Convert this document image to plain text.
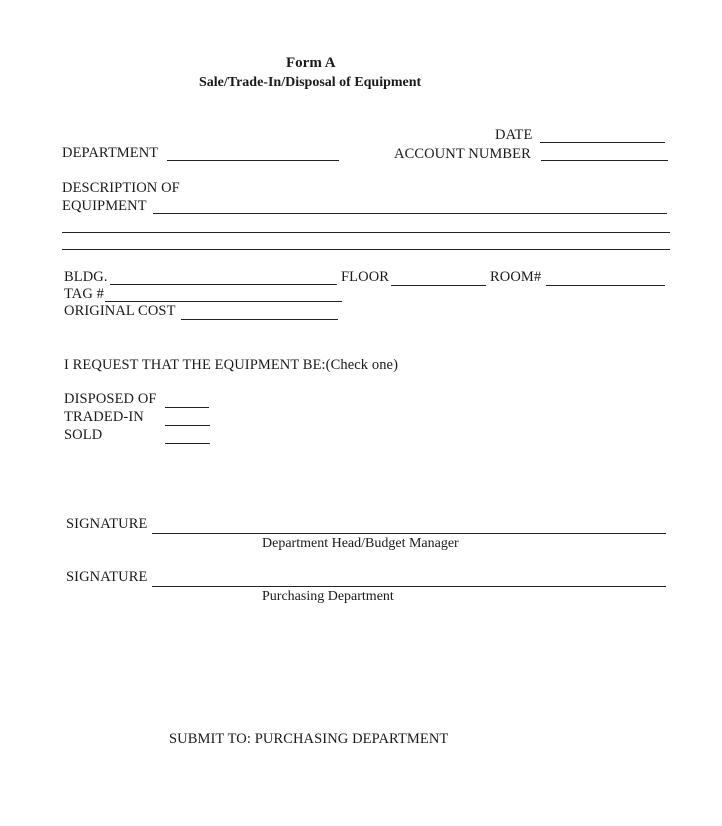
Form A
Sale/Trade-In/Disposal of Equipment
DATE
DEPARTMENT	ACCOUNT NUMBER
DESCRIPTION OF
EQUIPMENT
BLDG.	FLOOR	ROOM#
TAG #
ORIGINAL COST
I REQUEST THAT THE EQUIPMENT BE:(Check one)
DISPOSED OF
TRADED-IN
SOLD
SIGNATURE
Department Head/Budget Manager
SIGNATURE
Purchasing Department
SUBMIT TO: PURCHASING DEPARTMENT
